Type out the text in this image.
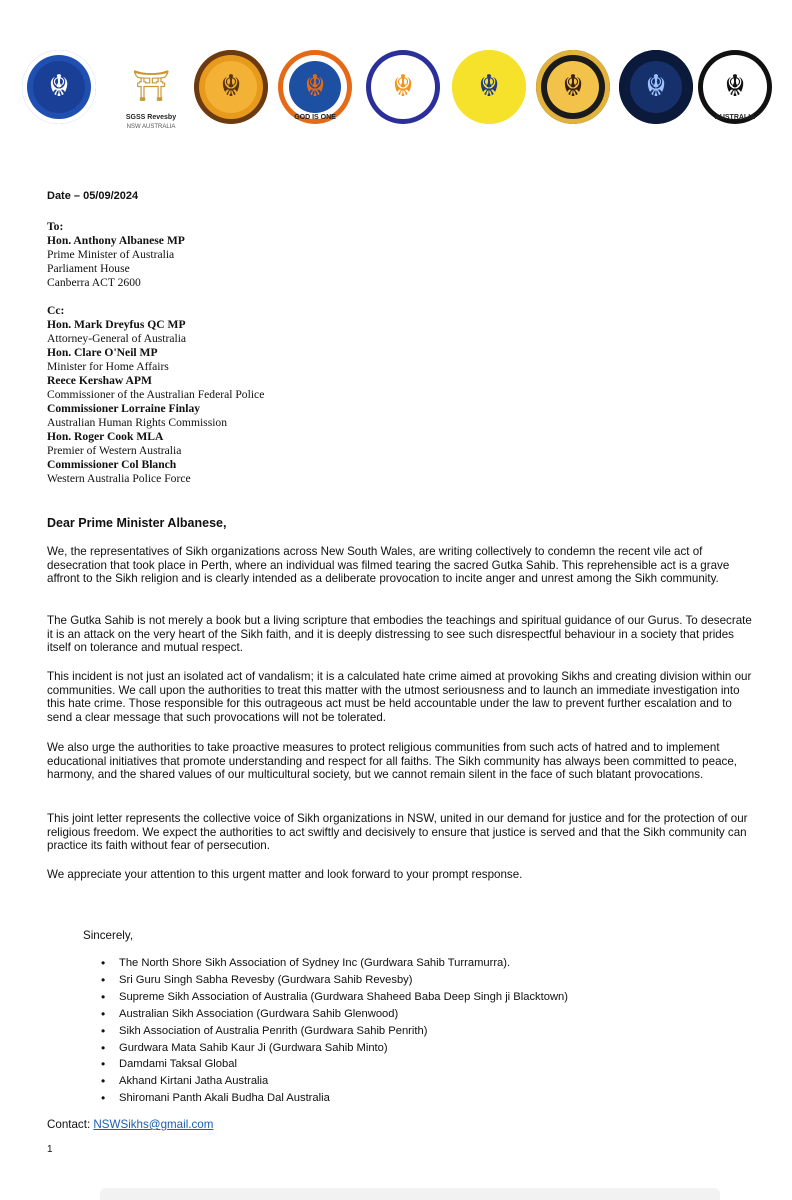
☬ ⛩
SGSS Revesby
NSW AUSTRALIA
☬ ☬
GOD IS ONE
☬ ☬ ☬ ☬ ☬
AUSTRALIA
Date – 05/09/2024
To:
Hon. Anthony Albanese MP
Prime Minister of Australia
Parliament House
Canberra ACT 2600
Cc:
Hon. Mark Dreyfus QC MP
Attorney-General of Australia
Hon. Clare O'Neil MP
Minister for Home Affairs
Reece Kershaw APM
Commissioner of the Australian Federal Police
Commissioner Lorraine Finlay
Australian Human Rights Commission
Hon. Roger Cook MLA
Premier of Western Australia
Commissioner Col Blanch
Western Australia Police Force
Dear Prime Minister Albanese,

We, the representatives of Sikh organizations across New South Wales, are writing collectively to condemn the recent vile act of desecration that took place in Perth, where an individual was filmed tearing the sacred Gutka Sahib. This reprehensible act is a grave affront to the Sikh religion and is clearly intended as a deliberate provocation to incite anger and unrest among the Sikh community.

The Gutka Sahib is not merely a book but a living scripture that embodies the teachings and spiritual guidance of our Gurus. To desecrate it is an attack on the very heart of the Sikh faith, and it is deeply distressing to see such disrespectful behaviour in a society that prides itself on tolerance and mutual respect.

This incident is not just an isolated act of vandalism; it is a calculated hate crime aimed at provoking Sikhs and creating division within our communities. We call upon the authorities to treat this matter with the utmost seriousness and to launch an immediate investigation into this hate crime. Those responsible for this outrageous act must be held accountable under the law to prevent further escalation and to send a clear message that such provocations will not be tolerated.

We also urge the authorities to take proactive measures to protect religious communities from such acts of hatred and to implement educational initiatives that promote understanding and respect for all faiths. The Sikh community has always been committed to peace, harmony, and the shared values of our multicultural society, but we cannot remain silent in the face of such blatant provocations.

This joint letter represents the collective voice of Sikh organizations in NSW, united in our demand for justice and for the protection of our religious freedom. We expect the authorities to act swiftly and decisively to ensure that justice is served and that the Sikh community can practice its faith without fear of persecution.

We appreciate your attention to this urgent matter and look forward to your prompt response.

Sincerely,
• The North Shore Sikh Association of Sydney Inc (Gurdwara Sahib Turramurra).
• Sri Guru Singh Sabha Revesby (Gurdwara Sahib Revesby)
• Supreme Sikh Association of Australia (Gurdwara Shaheed Baba Deep Singh ji Blacktown)
• Australian Sikh Association (Gurdwara Sahib Glenwood)
• Sikh Association of Australia Penrith (Gurdwara Sahib Penrith)
• Gurdwara Mata Sahib Kaur Ji (Gurdwara Sahib Minto)
• Damdami Taksal Global
• Akhand Kirtani Jatha Australia
• Shiromani Panth Akali Budha Dal Australia
Contact: NSWSikhs@gmail.com
1
